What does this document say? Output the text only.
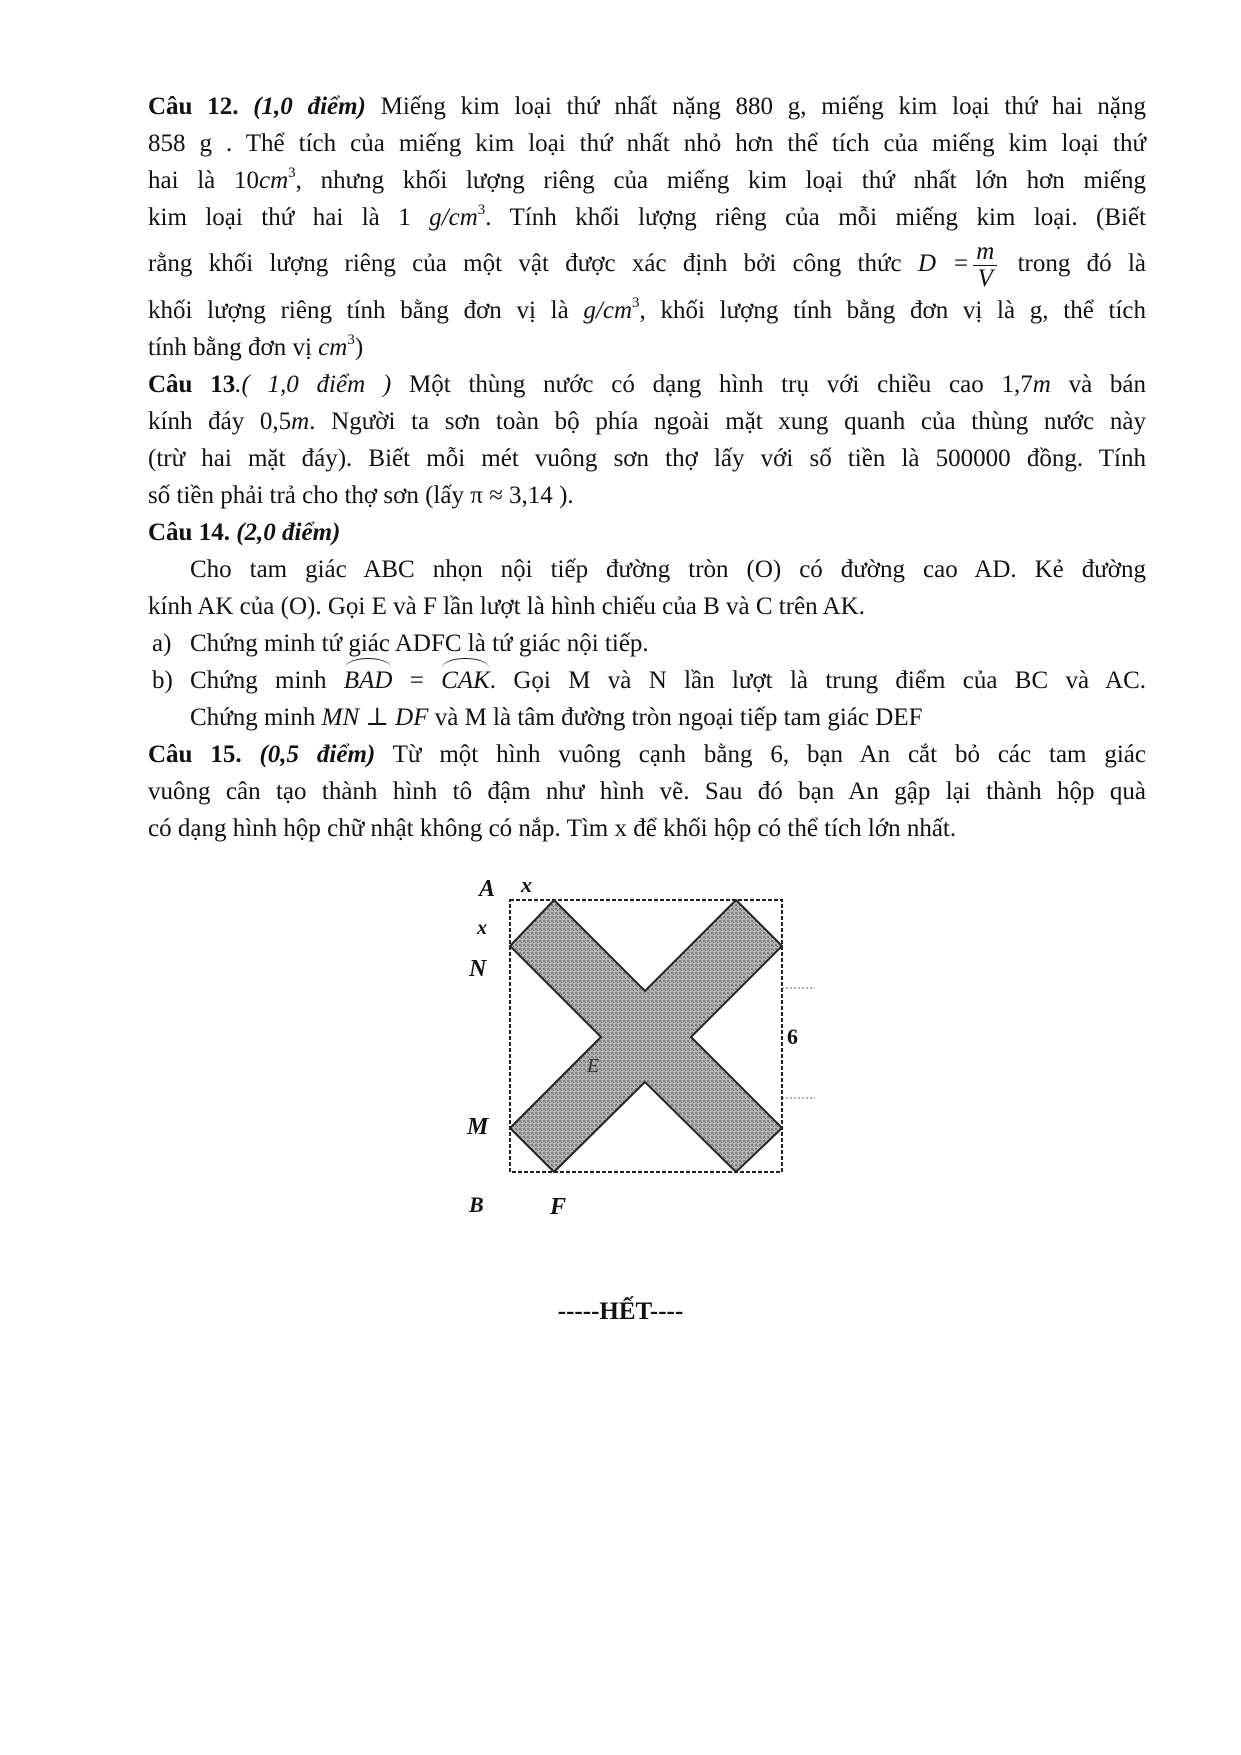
Câu 12. (1,0 điểm) Miếng kim loại thứ nhất nặng 880 g, miếng kim loại thứ hai nặng

858 g . Thể tích của miếng kim loại thứ nhất nhỏ hơn thể tích của miếng kim loại thứ

hai là $10cm^3$, nhưng khối lượng riêng của miếng kim loại thứ nhất lớn hơn miếng

kim loại thứ hai là 1 $g/cm^3$. Tính khối lượng riêng của mỗi miếng kim loại. (Biết

rằng khối lượng riêng của một vật được xác định bởi công thức $D = \frac{m}{V}$ trong đó là

khối lượng riêng tính bằng đơn vị là $g/cm^3$, khối lượng tính bằng đơn vị là g, thể tích

tính bằng đơn vị $cm^3$)

Câu 13.( 1,0 điểm ) Một thùng nước có dạng hình trụ với chiều cao 1,7m và bán

kính đáy 0,5m. Người ta sơn toàn bộ phía ngoài mặt xung quanh của thùng nước này

(trừ hai mặt đáy). Biết mỗi mét vuông sơn thợ lấy với số tiền là 500000 đồng. Tính

số tiền phải trả cho thợ sơn (lấy π ≈ 3,14 ).

Câu 14. (2,0 điểm)

Cho tam giác ABC nhọn nội tiếp đường tròn (O) có đường cao AD. Kẻ đường

kính AK của (O). Gọi E và F lần lượt là hình chiếu của B và C trên AK.

a) Chứng minh tứ giác ADFC là tứ giác nội tiếp.
b) Chứng minh BAD = CAK. Gọi M và N lần lượt là trung điểm của BC và AC.
Chứng minh MN ⊥ DF và M là tâm đường tròn ngoại tiếp tam giác DEF

Câu 15. (0,5 điểm) Từ một hình vuông cạnh bằng 6, bạn An cắt bỏ các tam giác

vuông cân tạo thành hình tô đậm như hình vẽ. Sau đó bạn An gập lại thành hộp quà

có dạng hình hộp chữ nhật không có nắp. Tìm x để khối hộp có thể tích lớn nhất.

A x
x
N
E
6
M
B	F
-----HẾT----
